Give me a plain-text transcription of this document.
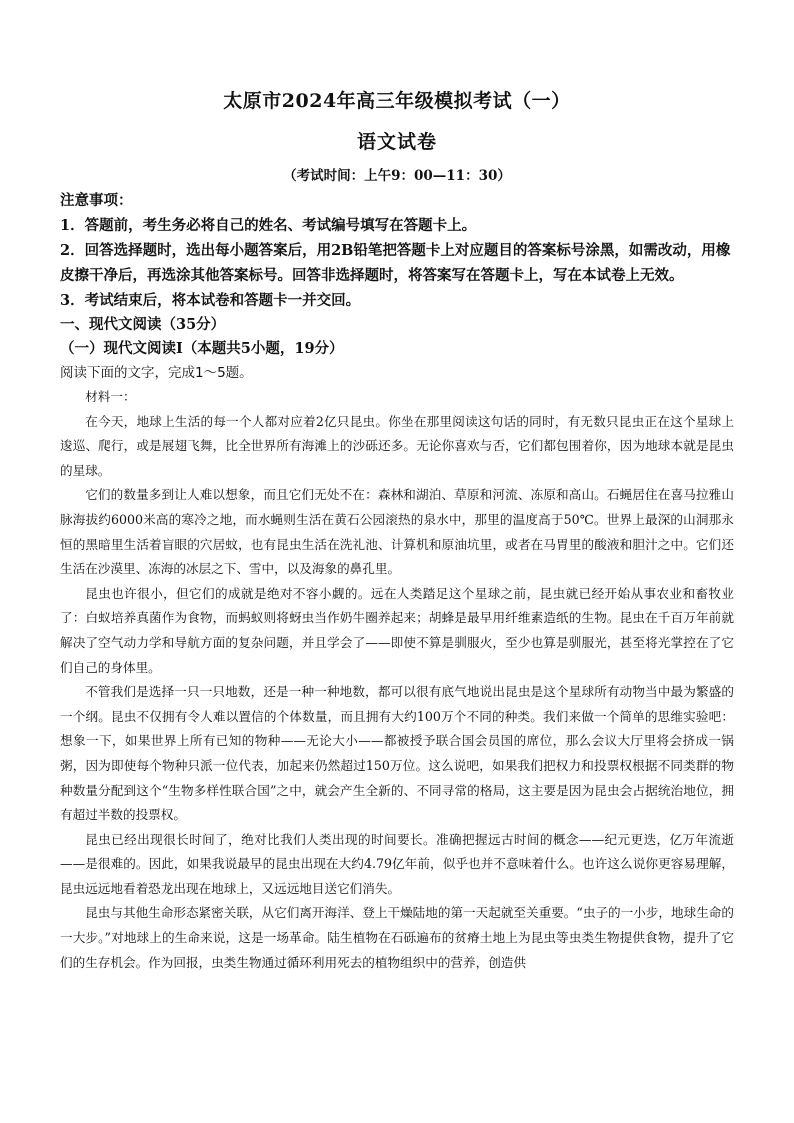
太原市2024年高三年级模拟考试（一）
语文试卷
（考试时间：上午9：00—11：30）

注意事项：

1．答题前，考生务必将自己的姓名、考试编号填写在答题卡上。

2．回答选择题时，选出每小题答案后，用2B铅笔把答题卡上对应题目的答案标号涂黑，如需改动，用橡皮擦干净后，再选涂其他答案标号。回答非选择题时，将答案写在答题卡上，写在本试卷上无效。

3．考试结束后，将本试卷和答题卡一并交回。

一、现代文阅读（35分）
（一）现代文阅读Ⅰ（本题共5小题，19分）
阅读下面的文字，完成1～5题。

材料一：

在今天，地球上生活的每一个人都对应着2亿只昆虫。你坐在那里阅读这句话的同时，有无数只昆虫正在这个星球上逡巡、爬行，或是展翅飞舞，比全世界所有海滩上的沙砾还多。无论你喜欢与否，它们都包围着你，因为地球本就是昆虫的星球。

它们的数量多到让人难以想象，而且它们无处不在：森林和湖泊、草原和河流、冻原和高山。石蝇居住在喜马拉雅山脉海拔约6000米高的寒冷之地，而水蝇则生活在黄石公园滚热的泉水中，那里的温度高于50℃。世界上最深的山洞那永恒的黑暗里生活着盲眼的穴居蚊，也有昆虫生活在洗礼池、计算机和原油坑里，或者在马胃里的酸液和胆汁之中。它们还生活在沙漠里、冻海的冰层之下、雪中，以及海象的鼻孔里。

昆虫也许很小，但它们的成就是绝对不容小觑的。远在人类踏足这个星球之前，昆虫就已经开始从事农业和畜牧业了：白蚁培养真菌作为食物，而蚂蚁则将蚜虫当作奶牛圈养起来；胡蜂是最早用纤维素造纸的生物。昆虫在千百万年前就解决了空气动力学和导航方面的复杂问题，并且学会了——即使不算是驯服火，至少也算是驯服光，甚至将光掌控在了它们自己的身体里。

不管我们是选择一只一只地数，还是一种一种地数，都可以很有底气地说出昆虫是这个星球所有动物当中最为繁盛的一个纲。昆虫不仅拥有令人难以置信的个体数量，而且拥有大约100万个不同的种类。我们来做一个简单的思维实验吧：想象一下，如果世界上所有已知的物种——无论大小——都被授予联合国会员国的席位，那么会议大厅里将会挤成一锅粥，因为即使每个物种只派一位代表，加起来仍然超过150万位。这么说吧，如果我们把权力和投票权根据不同类群的物种数量分配到这个“生物多样性联合国”之中，就会产生全新的、不同寻常的格局，这主要是因为昆虫会占据统治地位，拥有超过半数的投票权。

昆虫已经出现很长时间了，绝对比我们人类出现的时间要长。准确把握远古时间的概念——纪元更迭，亿万年流逝——是很难的。因此，如果我说最早的昆虫出现在大约4.79亿年前，似乎也并不意味着什么。也许这么说你更容易理解，昆虫远远地看着恐龙出现在地球上，又远远地目送它们消失。

昆虫与其他生命形态紧密关联，从它们离开海洋、登上干燥陆地的第一天起就至关重要。“虫子的一小步，地球生命的一大步。”对地球上的生命来说，这是一场革命。陆生植物在石砾遍布的贫瘠土地上为昆虫等虫类生物提供食物，提升了它们的生存机会。作为回报，虫类生物通过循环利用死去的植物组织中的营养，创造供
